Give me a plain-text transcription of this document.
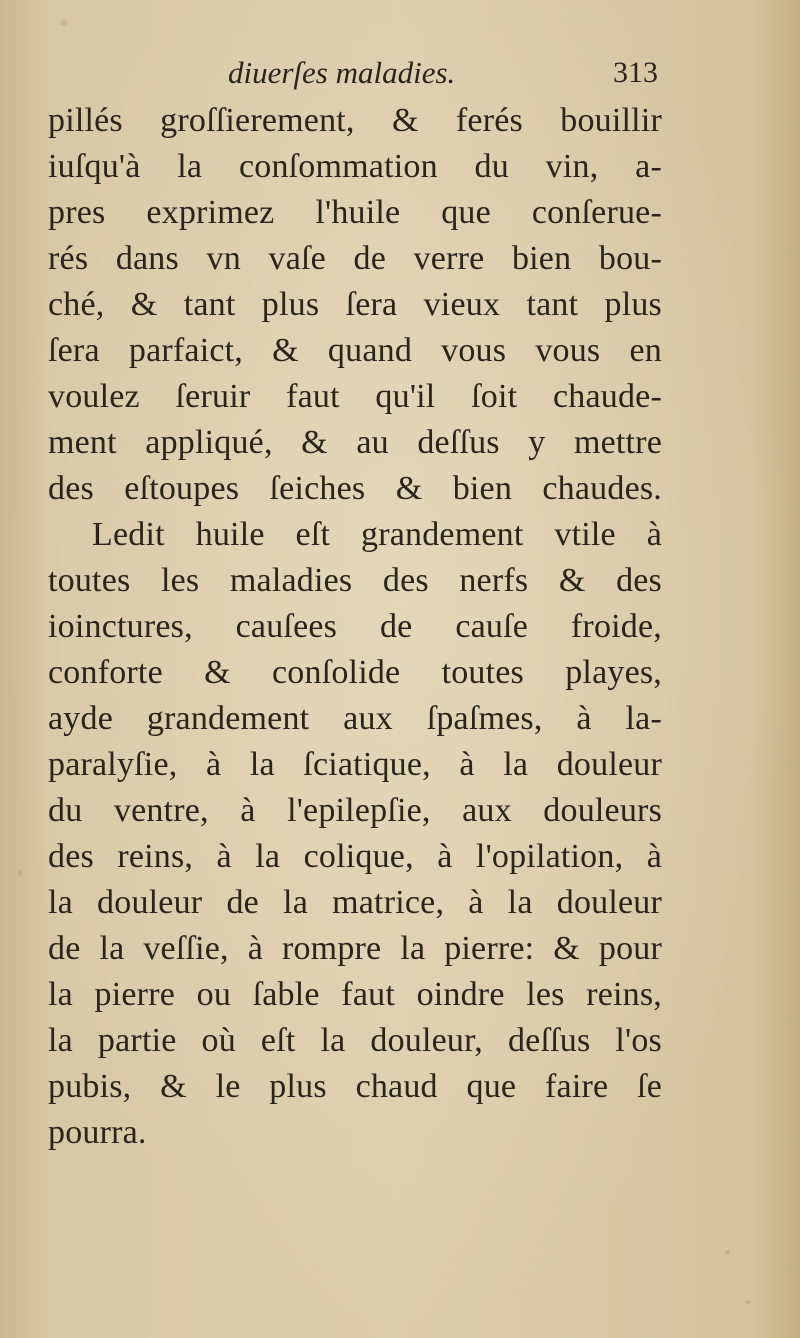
diuerſes maladies.	313
pillés groſſierement, & ferés bouillir
iuſqu'à la conſommation du vin, a-
pres exprimez l'huile que conſerue-
rés dans vn vaſe de verre bien bou-
ché, & tant plus ſera vieux tant plus
ſera parfaict, & quand vous vous en
voulez ſeruir faut qu'il ſoit chaude-
ment appliqué, & au deſſus y mettre
des eſtoupes ſeiches & bien chaudes.
Ledit huile eſt grandement vtile à
toutes les maladies des nerfs & des
ioinctures, cauſees de cauſe froide,
conforte & conſolide toutes playes,
ayde grandement aux ſpaſmes, à la-
paralyſie, à la ſciatique, à la douleur
du ventre, à l'epilepſie, aux douleurs
des reins, à la colique, à l'opilation, à
la douleur de la matrice, à la douleur
de la veſſie, à rompre la pierre: & pour
la pierre ou ſable faut oindre les reins,
la partie où eſt la douleur, deſſus l'os
pubis, & le plus chaud que faire ſe
pourra.
